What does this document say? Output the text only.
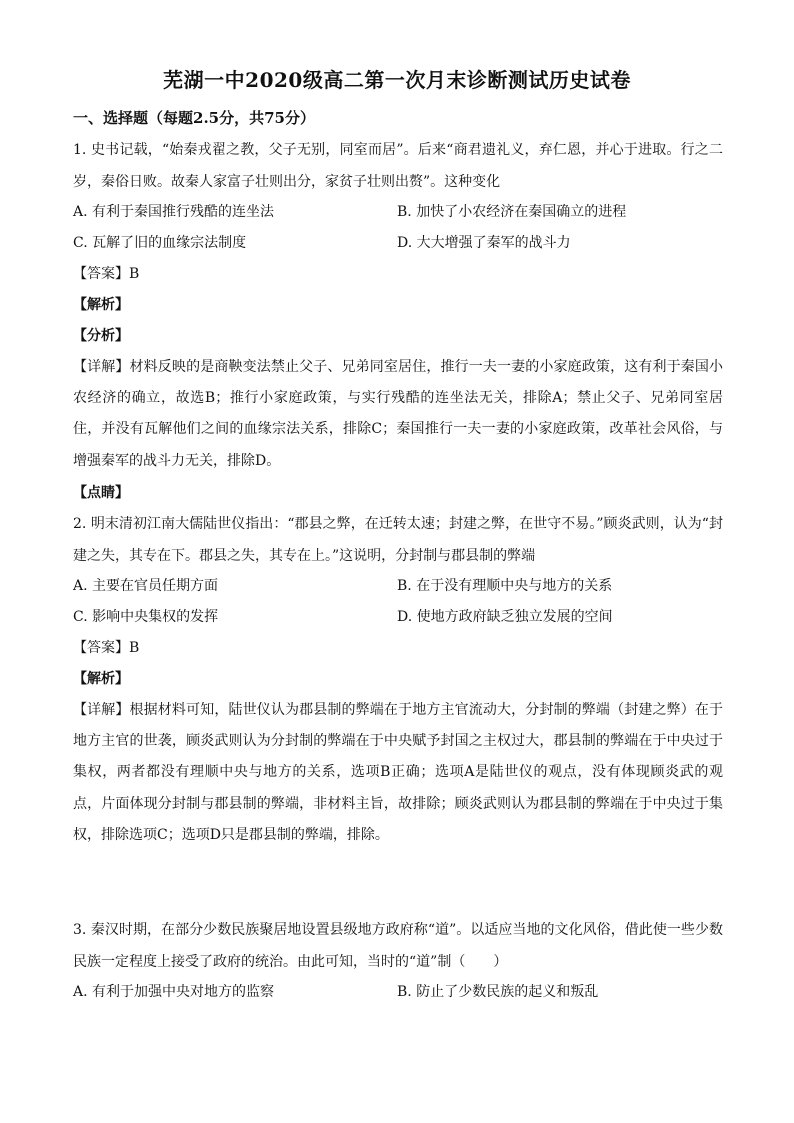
芜湖一中2020级高二第一次月末诊断测试历史试卷
一、选择题（每题2.5分，共75分）
1. 史书记载，“始秦戎翟之教，父子无别，同室而居”。后来“商君遗礼义，弃仁恩，并心于进取。行之二岁，秦俗日败。故秦人家富子壮则出分，家贫子壮则出赘”。这种变化
A. 有利于秦国推行残酷的连坐法	B. 加快了小农经济在秦国确立的进程
C. 瓦解了旧的血缘宗法制度	D. 大大增强了秦军的战斗力
【答案】B
【解析】
【分析】
【详解】材料反映的是商鞅变法禁止父子、兄弟同室居住，推行一夫一妻的小家庭政策，这有利于秦国小农经济的确立，故选B；推行小家庭政策，与实行残酷的连坐法无关，排除A；禁止父子、兄弟同室居住，并没有瓦解他们之间的血缘宗法关系，排除C；秦国推行一夫一妻的小家庭政策，改革社会风俗，与增强秦军的战斗力无关，排除D。
【点睛】
2. 明末清初江南大儒陆世仪指出：“郡县之弊，在迁转太速；封建之弊，在世守不易。”顾炎武则，认为“封建之失，其专在下。郡县之失，其专在上。”这说明，分封制与郡县制的弊端
A. 主要在官员任期方面	B. 在于没有理顺中央与地方的关系
C. 影响中央集权的发挥	D. 使地方政府缺乏独立发展的空间
【答案】B
【解析】
【详解】根据材料可知，陆世仪认为郡县制的弊端在于地方主官流动大，分封制的弊端（封建之弊）在于地方主官的世袭，顾炎武则认为分封制的弊端在于中央赋予封国之主权过大，郡县制的弊端在于中央过于集权，两者都没有理顺中央与地方的关系，选项B正确；选项A是陆世仪的观点，没有体现顾炎武的观点，片面体现分封制与郡县制的弊端，非材料主旨，故排除；顾炎武则认为郡县制的弊端在于中央过于集权，排除选项C；选项D只是郡县制的弊端，排除。
3. 秦汉时期，在部分少数民族聚居地设置县级地方政府称“道”。以适应当地的文化风俗，借此使一些少数民族一定程度上接受了政府的统治。由此可知，当时的“道”制（　　）
A. 有利于加强中央对地方的监察	B. 防止了少数民族的起义和叛乱
